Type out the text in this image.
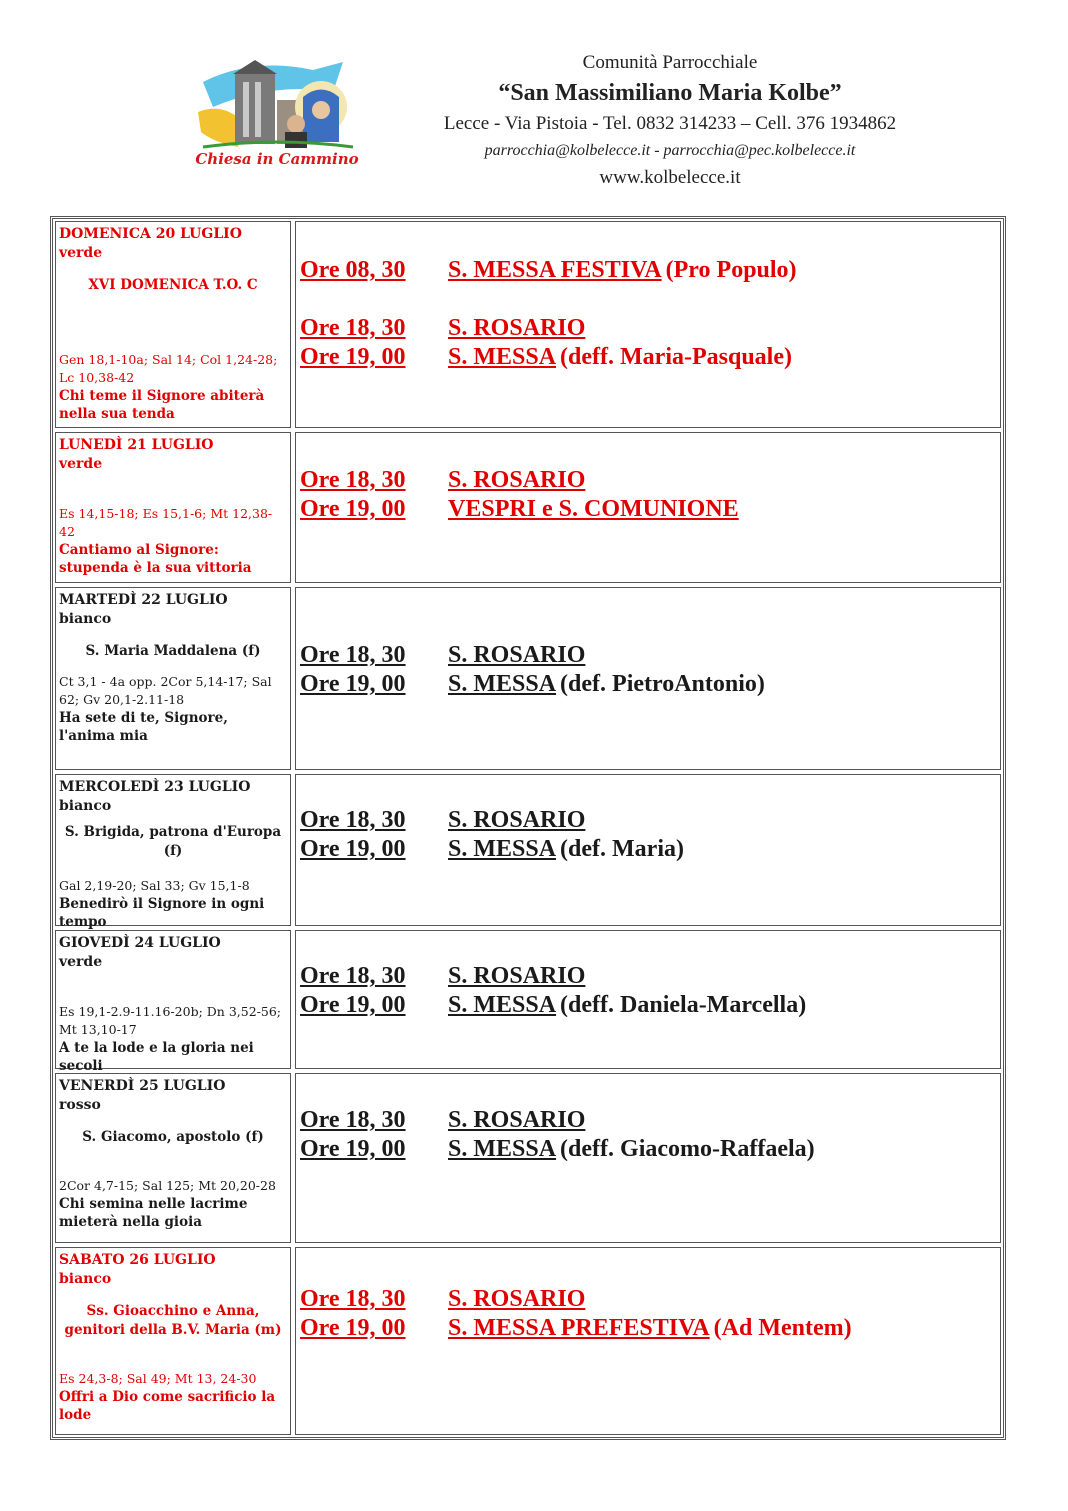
Chiesa in Cammino
Comunità Parrocchiale
“San Massimiliano Maria Kolbe”
Lecce - Via Pistoia - Tel. 0832 314233 – Cell. 376 1934862
parrocchia@kolbelecce.it - parrocchia@pec.kolbelecce.it
www.kolbelecce.it
DOMENICA 20 LUGLIO
verde
XVI DOMENICA T.O. C
Gen 18,1-10a; Sal 14; Col 1,24-28; Lc 10,38-42
Chi teme il Signore abiterà nella sua tenda
Ore 08, 30 S. MESSA FESTIVA (Pro Populo)
Ore 18, 30 S. ROSARIO
Ore 19, 00 S. MESSA (deff. Maria-Pasquale)
LUNEDÌ 21 LUGLIO
verde
Es 14,15-18; Es 15,1-6; Mt 12,38-42
Cantiamo al Signore: stupenda è la sua vittoria
Ore 18, 30 S. ROSARIO
Ore 19, 00 VESPRI e S. COMUNIONE
MARTEDÌ 22 LUGLIO
bianco
S. Maria Maddalena (f)
Ct 3,1 - 4a opp. 2Cor 5,14-17; Sal 62; Gv 20,1-2.11-18
Ha sete di te, Signore, l'anima mia
Ore 18, 30 S. ROSARIO
Ore 19, 00 S. MESSA (def. PietroAntonio)
MERCOLEDÌ 23 LUGLIO
bianco
S. Brigida, patrona d'Europa (f)
Gal 2,19-20; Sal 33; Gv 15,1-8
Benedirò il Signore in ogni tempo
Ore 18, 30 S. ROSARIO
Ore 19, 00 S. MESSA (def. Maria)
GIOVEDÌ 24 LUGLIO
verde
Es 19,1-2.9-11.16-20b; Dn 3,52-56; Mt 13,10-17
A te la lode e la gloria nei secoli
Ore 18, 30 S. ROSARIO
Ore 19, 00 S. MESSA (deff. Daniela-Marcella)
VENERDÌ 25 LUGLIO
rosso
S. Giacomo, apostolo (f)
2Cor 4,7-15; Sal 125; Mt 20,20-28
Chi semina nelle lacrime mieterà nella gioia
Ore 18, 30 S. ROSARIO
Ore 19, 00 S. MESSA (deff. Giacomo-Raffaela)
SABATO 26 LUGLIO
bianco
Ss. Gioacchino e Anna, genitori della B.V. Maria (m)
Es 24,3-8; Sal 49; Mt 13, 24-30
Offri a Dio come sacrificio la lode
Ore 18, 30 S. ROSARIO
Ore 19, 00 S. MESSA PREFESTIVA (Ad Mentem)
